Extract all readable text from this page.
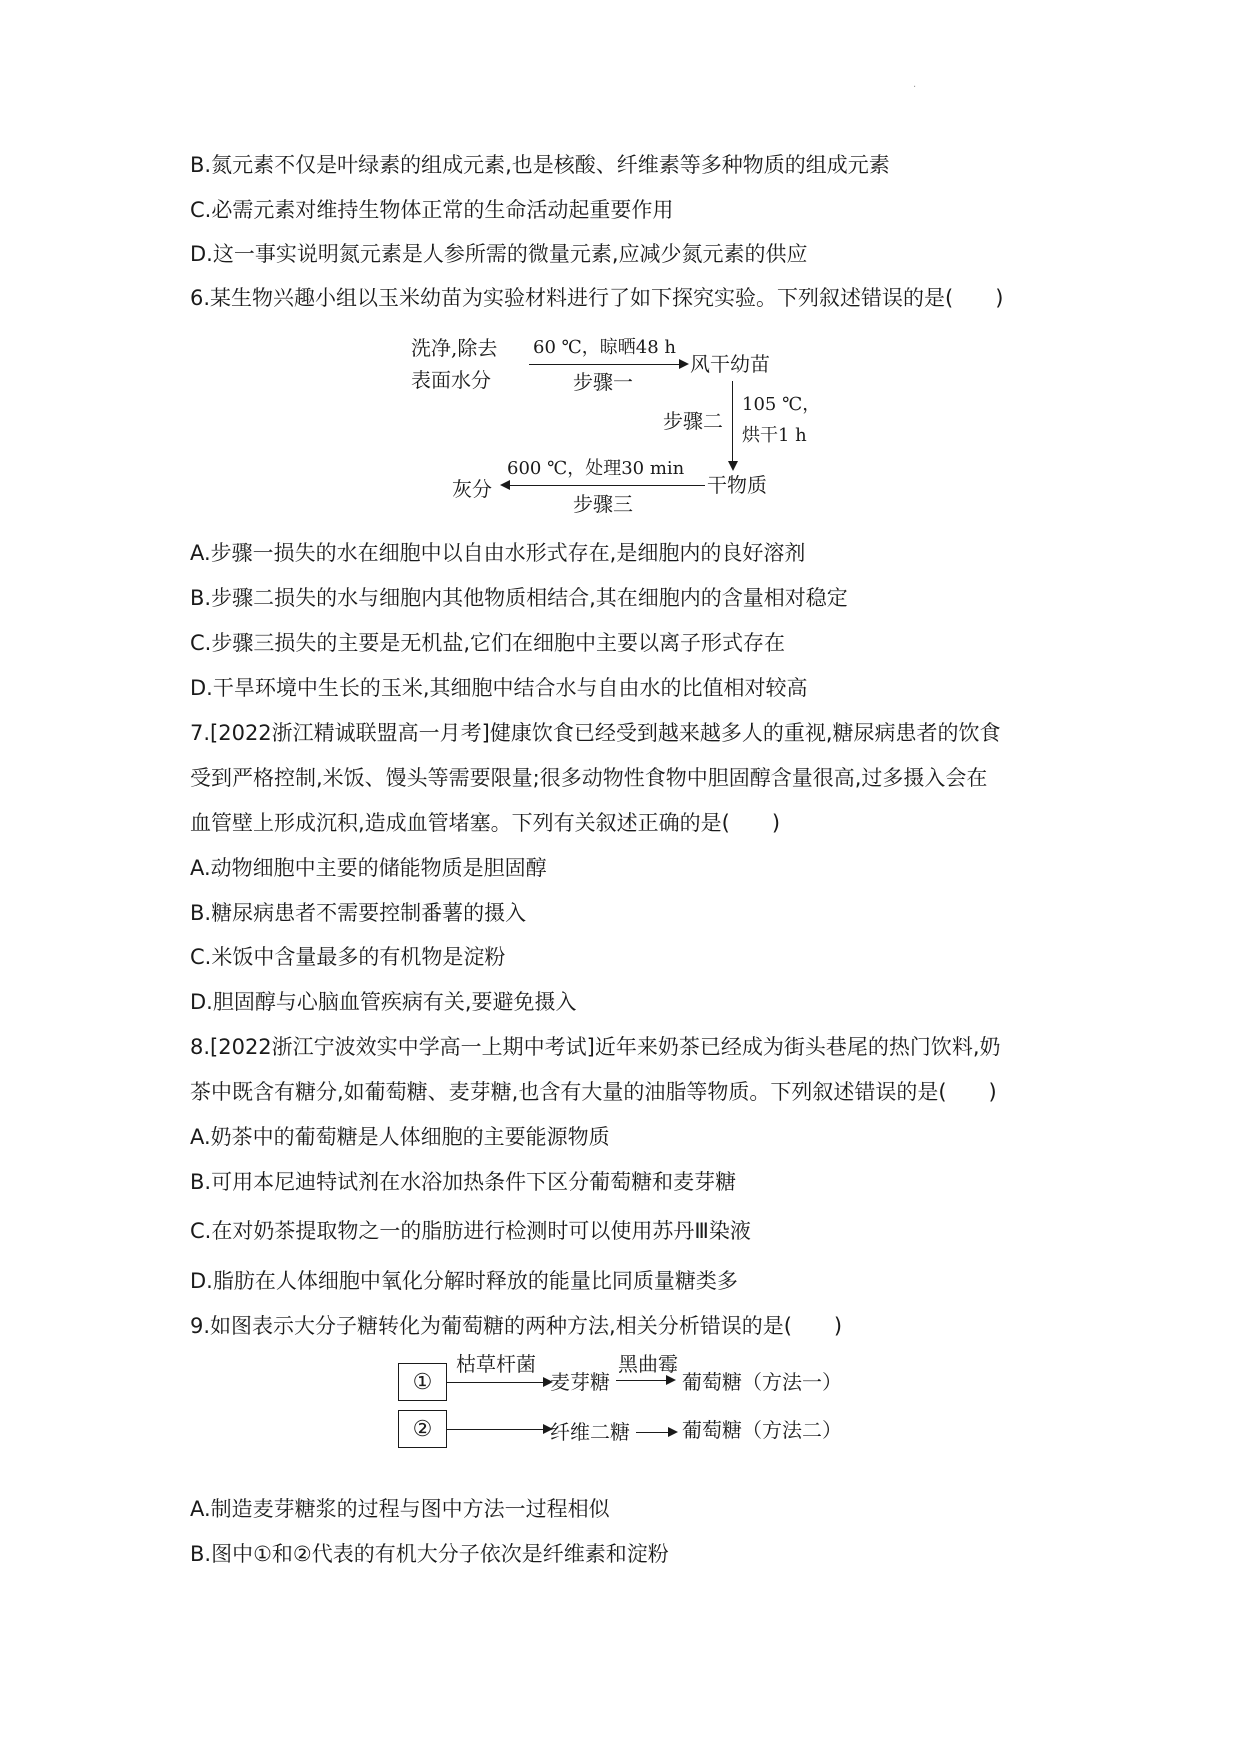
·
B.氮元素不仅是叶绿素的组成元素,也是核酸、纤维素等多种物质的组成元素
C.必需元素对维持生物体正常的生命活动起重要作用
D.这一事实说明氮元素是人参所需的微量元素,应减少氮元素的供应
6.某生物兴趣小组以玉米幼苗为实验材料进行了如下探究实验。下列叙述错误的是(　　)
洗净,除去
表面水分
60 ℃，晾晒48 h
步骤一
风干幼苗
步骤二
105 ℃，
烘干1 h
干物质
600 ℃，处理30 min
步骤三
灰分
A.步骤一损失的水在细胞中以自由水形式存在,是细胞内的良好溶剂
B.步骤二损失的水与细胞内其他物质相结合,其在细胞内的含量相对稳定
C.步骤三损失的主要是无机盐,它们在细胞中主要以离子形式存在
D.干旱环境中生长的玉米,其细胞中结合水与自由水的比值相对较高
7.[2022浙江精诚联盟高一月考]健康饮食已经受到越来越多人的重视,糖尿病患者的饮食
受到严格控制,米饭、馒头等需要限量;很多动物性食物中胆固醇含量很高,过多摄入会在
血管壁上形成沉积,造成血管堵塞。下列有关叙述正确的是(　　)
A.动物细胞中主要的储能物质是胆固醇
B.糖尿病患者不需要控制番薯的摄入
C.米饭中含量最多的有机物是淀粉
D.胆固醇与心脑血管疾病有关,要避免摄入
8.[2022浙江宁波效实中学高一上期中考试]近年来奶茶已经成为街头巷尾的热门饮料,奶
茶中既含有糖分,如葡萄糖、麦芽糖,也含有大量的油脂等物质。下列叙述错误的是(　　)
A.奶茶中的葡萄糖是人体细胞的主要能源物质
B.可用本尼迪特试剂在水浴加热条件下区分葡萄糖和麦芽糖
C.在对奶茶提取物之一的脂肪进行检测时可以使用苏丹Ⅲ染液
D.脂肪在人体细胞中氧化分解时释放的能量比同质量糖类多
9.如图表示大分子糖转化为葡萄糖的两种方法,相关分析错误的是(　　)
①
②
枯草杆菌
麦芽糖
黑曲霉
葡萄糖（方法一）
纤维二糖	葡萄糖（方法二）
A.制造麦芽糖浆的过程与图中方法一过程相似
B.图中①和②代表的有机大分子依次是纤维素和淀粉
